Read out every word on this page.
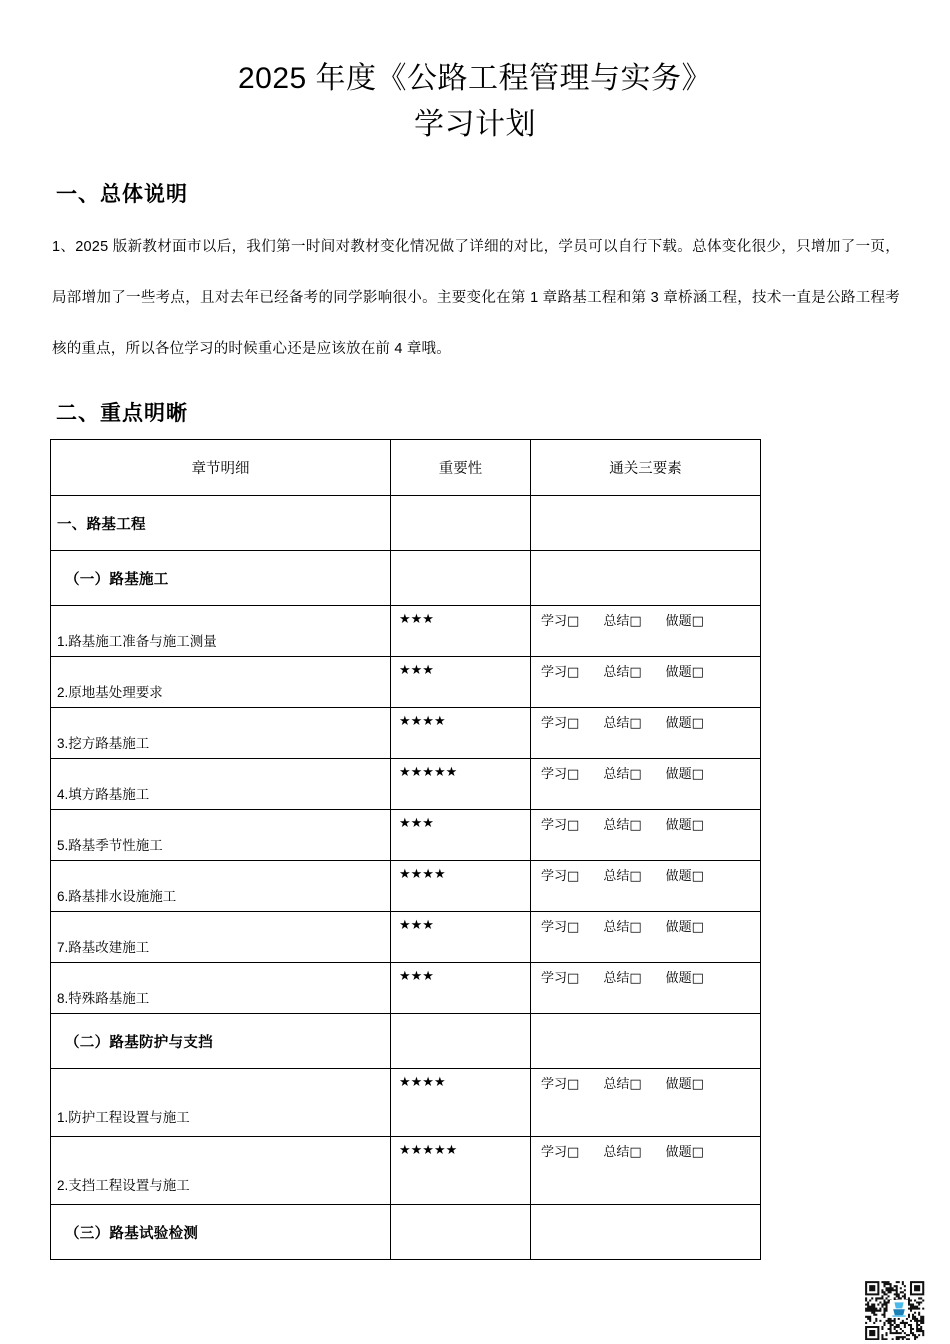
2025 年度《公路工程管理与实务》
学习计划
一、总体说明
1、2025 版新教材面市以后，我们第一时间对教材变化情况做了详细的对比，学员可以自行下载。总体变化很少，只增加了一页，局部增加了一些考点，且对去年已经备考的同学影响很小。主要变化在第 1 章路基工程和第 3 章桥涵工程，技术一直是公路工程考核的重点，所以各位学习的时候重心还是应该放在前 4 章哦。
二、重点明晰
章节明细	重要性	通关三要素

一、路基工程		

（一）路基施工		

1.路基施工准备与施工测量	★★★	学习□ 总结□ 做题□

2.原地基处理要求	★★★	学习□ 总结□ 做题□

3.挖方路基施工	★★★★	学习□ 总结□ 做题□

4.填方路基施工	★★★★★	学习□ 总结□ 做题□

5.路基季节性施工	★★★	学习□ 总结□ 做题□

6.路基排水设施施工	★★★★	学习□ 总结□ 做题□

7.路基改建施工	★★★	学习□ 总结□ 做题□

8.特殊路基施工	★★★	学习□ 总结□ 做题□

（二）路基防护与支挡		

1.防护工程设置与施工	★★★★	学习□ 总结□ 做题□

2.支挡工程设置与施工	★★★★★	学习□ 总结□ 做题□

（三）路基试验检测		
